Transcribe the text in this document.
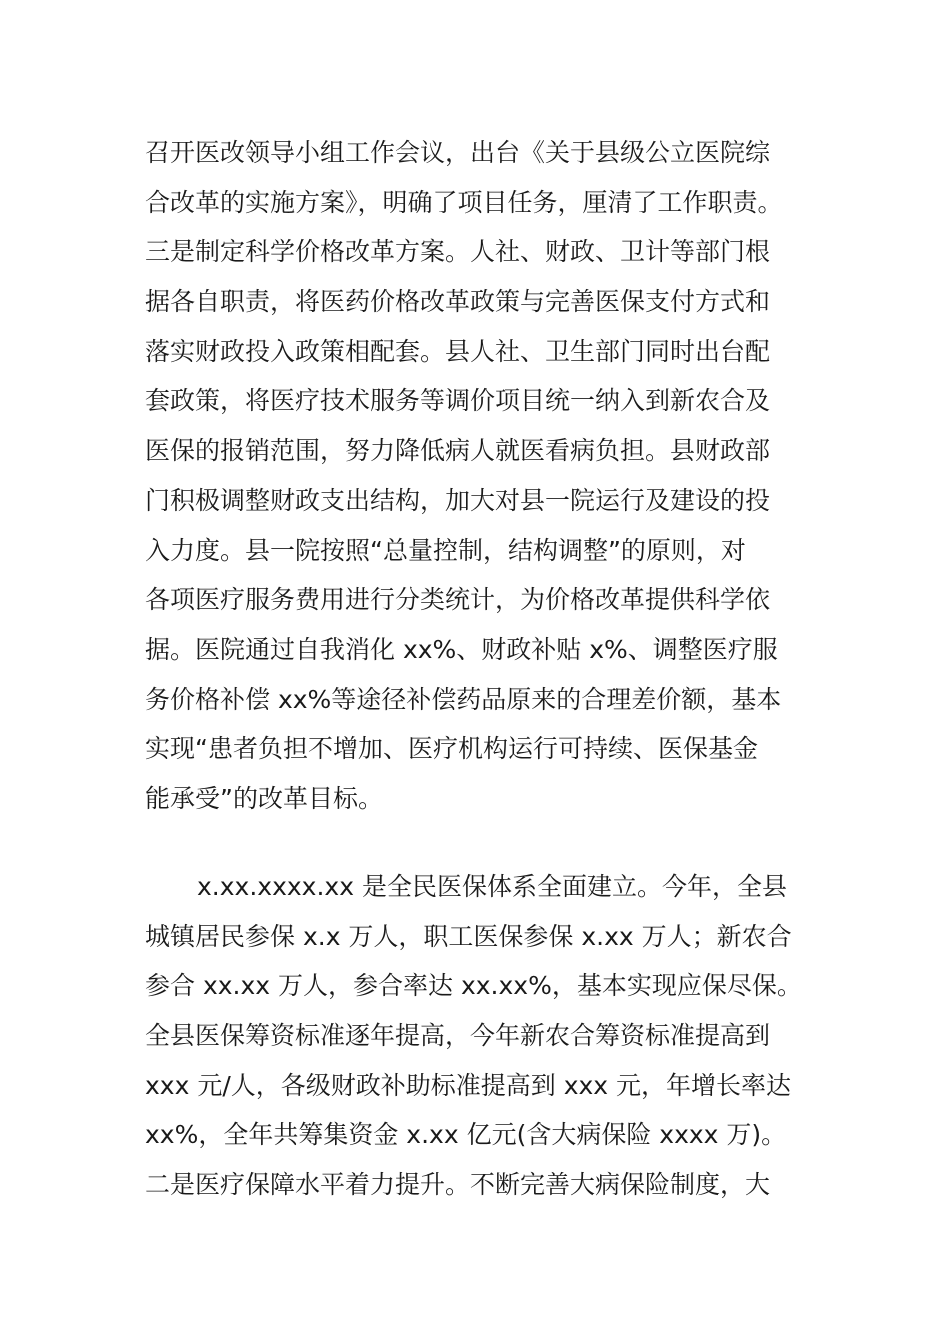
召开医改领导小组工作会议，出台《关于县级公立医院综
合改革的实施方案》，明确了项目任务，厘清了工作职责。
三是制定科学价格改革方案。人社、财政、卫计等部门根
据各自职责，将医药价格改革政策与完善医保支付方式和
落实财政投入政策相配套。县人社、卫生部门同时出台配
套政策，将医疗技术服务等调价项目统一纳入到新农合及
医保的报销范围，努力降低病人就医看病负担。县财政部
门积极调整财政支出结构，加大对县一院运行及建设的投
入力度。县一院按照“总量控制，结构调整”的原则，对
各项医疗服务费用进行分类统计，为价格改革提供科学依
据。医院通过自我消化 xx%、财政补贴 x%、调整医疗服
务价格补偿 xx%等途径补偿药品原来的合理差价额，基本
实现“患者负担不增加、医疗机构运行可持续、医保基金
能承受”的改革目标。
x.xx.xxxx.xx 是全民医保体系全面建立。今年，全县
城镇居民参保 x.x 万人，职工医保参保 x.xx 万人；新农合
参合 xx.xx 万人，参合率达 xx.xx%，基本实现应保尽保。
全县医保筹资标准逐年提高，今年新农合筹资标准提高到
xxx 元/人，各级财政补助标准提高到 xxx 元，年增长率达
xx%，全年共筹集资金 x.xx 亿元(含大病保险 xxxx 万)。
二是医疗保障水平着力提升。不断完善大病保险制度，大
